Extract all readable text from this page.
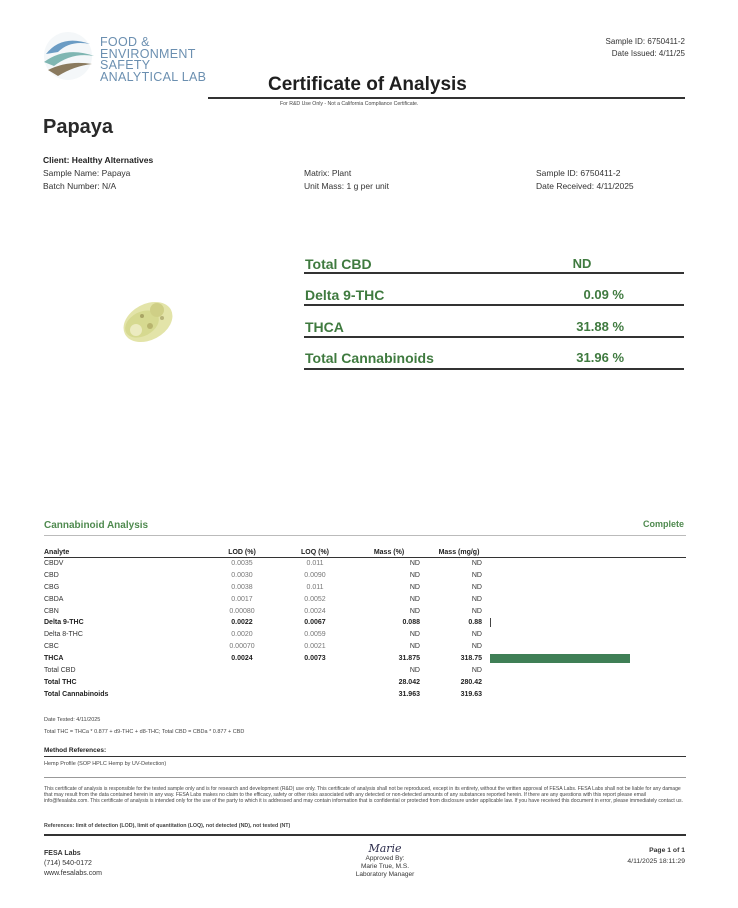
FOOD &
ENVIRONMENT
SAFETY
ANALYTICAL LAB
Sample ID: 6750411-2
Date Issued: 4/11/25
Certificate of Analysis
For R&D Use Only - Not a California Compliance Certificate.
Papaya
Client: Healthy Alternatives
Sample Name: Papaya
Batch Number: N/A
Matrix: Plant
Unit Mass: 1 g per unit
Sample ID: 6750411-2
Date Received: 4/11/2025
Total CBD	ND
Delta 9-THC	0.09 %
THCA	31.88 %
Total Cannabinoids	31.96 %
Cannabinoid Analysis	Complete
Analyte	LOD (%)	LOQ (%)	Mass (%)	Mass (mg/g)	
CBDV	0.0035	0.011	ND	ND	
CBD	0.0030	0.0090	ND	ND	
CBG	0.0038	0.011	ND	ND	
CBDA	0.0017	0.0052	ND	ND	
CBN	0.00080	0.0024	ND	ND	
Delta 9-THC	0.0022	0.0067	0.088	0.88	

Delta 8-THC	0.0020	0.0059	ND	ND	
CBC	0.00070	0.0021	ND	ND	
THCA	0.0024	0.0073	31.875	318.75	

Total CBD			ND	ND	
Total THC			28.042	280.42	
Total Cannabinoids			31.963	319.63	
Date Tested: 4/11/2025
Total THC = THCa * 0.877 + d9-THC + d8-THC; Total CBD = CBDa * 0.877 + CBD
Method References:
Hemp Profile (SOP HPLC Hemp by UV-Detection)
This certificate of analysis is responsible for the tested sample only and is for research and development (R&D) use only. This certificate of analysis shall not be reproduced, except in its entirety, without the written approval of FESA Labs. FESA Labs shall not be liable for any damage that may result from the data contained herein in any way. FESA Labs makes no claim to the efficacy, safety or other risks associated with any detected or non-detected amounts of any substances reported herein. If there are any questions with this report please email info@fesalabs.com. This certificate of analysis is intended only for the use of the party to which it is addressed and may contain information that is confidential or protected from disclosure under applicable law. If you have received this document in error, please immediately contact us.
References: limit of detection (LOD), limit of quantitation (LOQ), not detected (ND), not tested (NT)
FESA Labs
(714) 540-0172
www.fesalabs.com
Marie
Approved By:
Marie True, M.S.
Laboratory Manager
Page 1 of 1
4/11/2025 18:11:29
